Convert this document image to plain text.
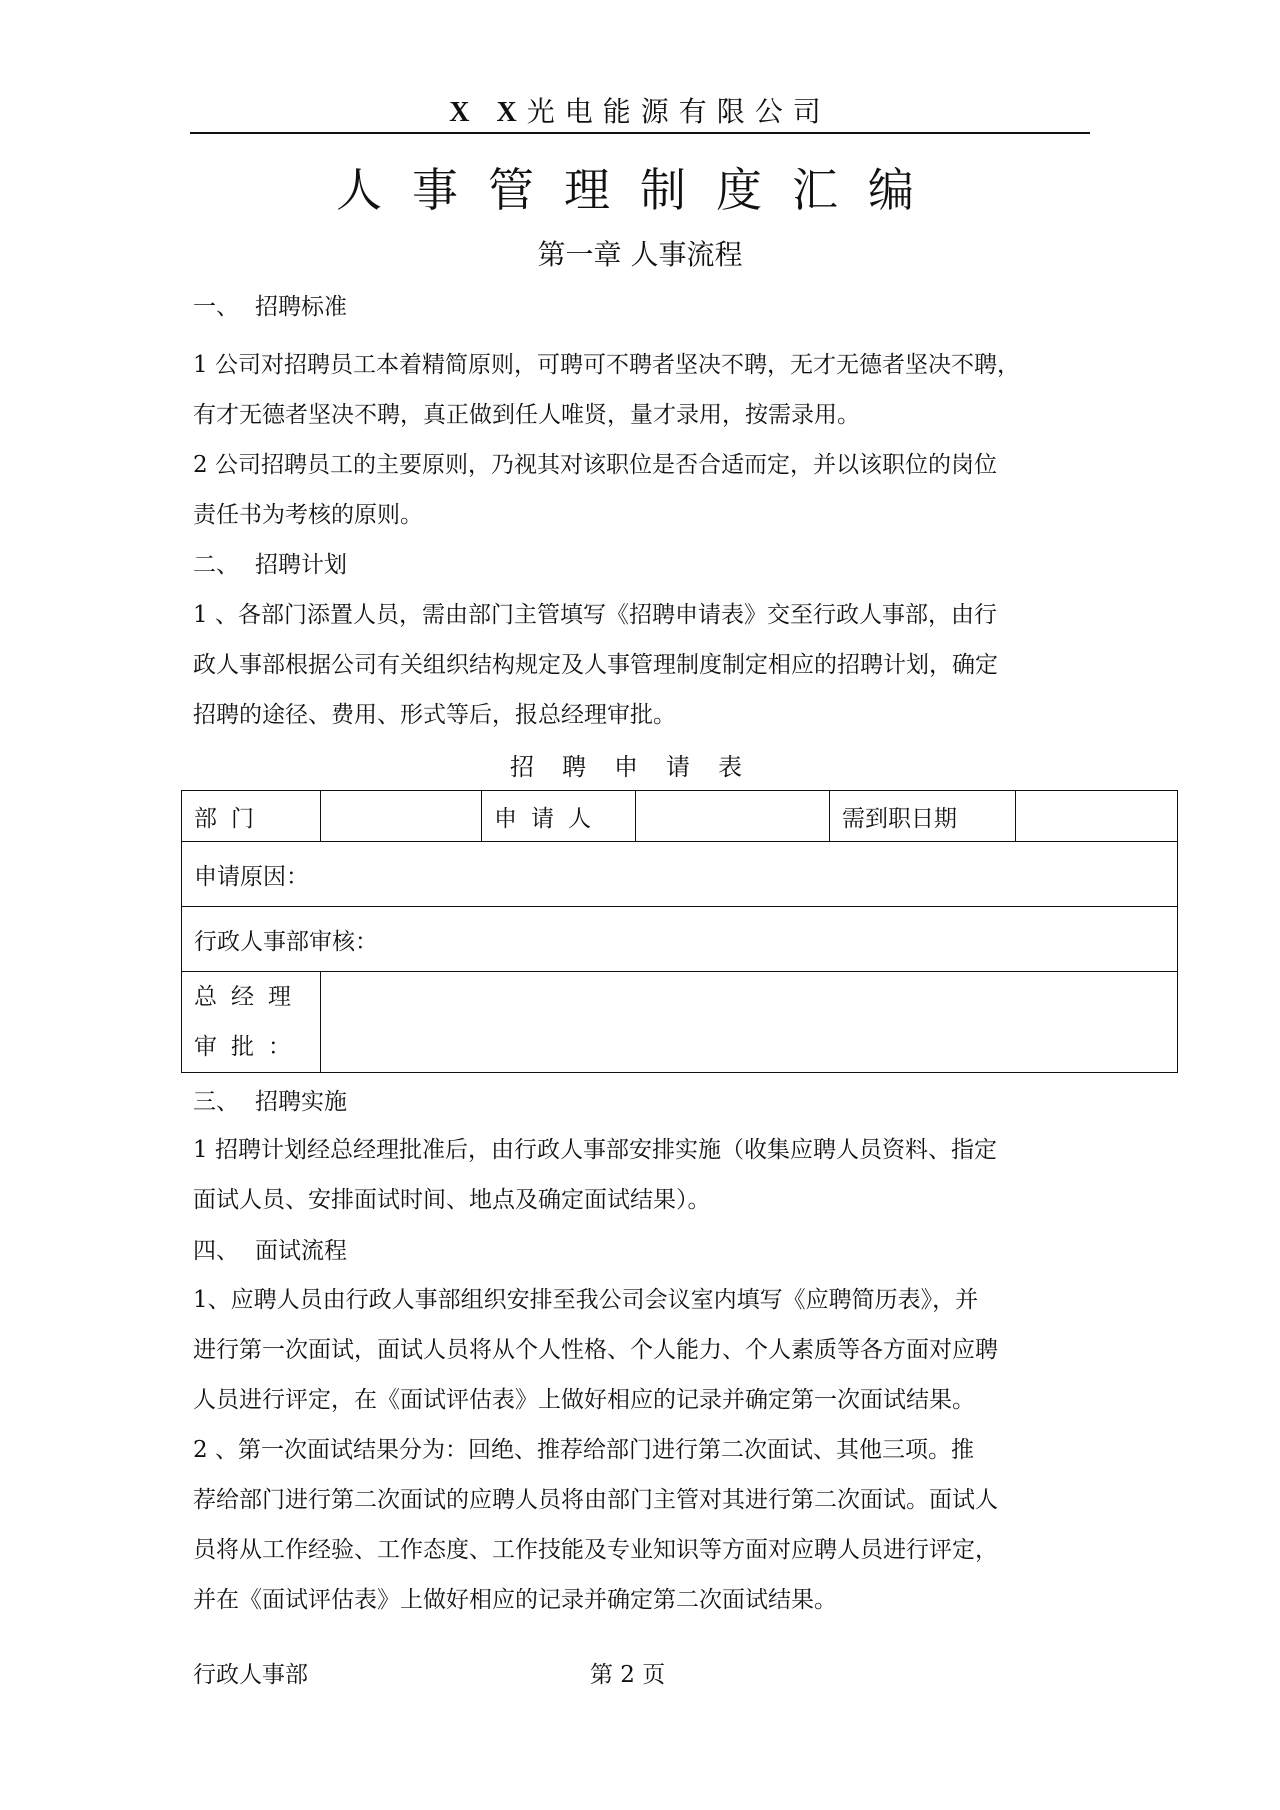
X X光电能源有限公司
人事管理制度汇编
第一章 人事流程
一、 招聘标准
1 公司对招聘员工本着精简原则，可聘可不聘者坚决不聘，无才无德者坚决不聘，
有才无德者坚决不聘，真正做到任人唯贤，量才录用，按需录用。
2 公司招聘员工的主要原则，乃视其对该职位是否合适而定，并以该职位的岗位
责任书为考核的原则。
二、 招聘计划
1 、各部门添置人员，需由部门主管填写《招聘申请表》交至行政人事部，由行
政人事部根据公司有关组织结构规定及人事管理制度制定相应的招聘计划，确定
招聘的途径、费用、形式等后，报总经理审批。
招聘申请表
部门		申请人		需到职日期	
申请原因：					
行政人事部审核：					

总经理
审批：					

三、 招聘实施
1 招聘计划经总经理批准后，由行政人事部安排实施（收集应聘人员资料、指定
面试人员、安排面试时间、地点及确定面试结果）。
四、 面试流程
1、应聘人员由行政人事部组织安排至我公司会议室内填写《应聘简历表》，并
进行第一次面试，面试人员将从个人性格、个人能力、个人素质等各方面对应聘
人员进行评定，在《面试评估表》上做好相应的记录并确定第一次面试结果。
2 、第一次面试结果分为：回绝、推荐给部门进行第二次面试、其他三项。推
荐给部门进行第二次面试的应聘人员将由部门主管对其进行第二次面试。面试人
员将从工作经验、工作态度、工作技能及专业知识等方面对应聘人员进行评定，
并在《面试评估表》上做好相应的记录并确定第二次面试结果。
行政人事部	第 2 页
